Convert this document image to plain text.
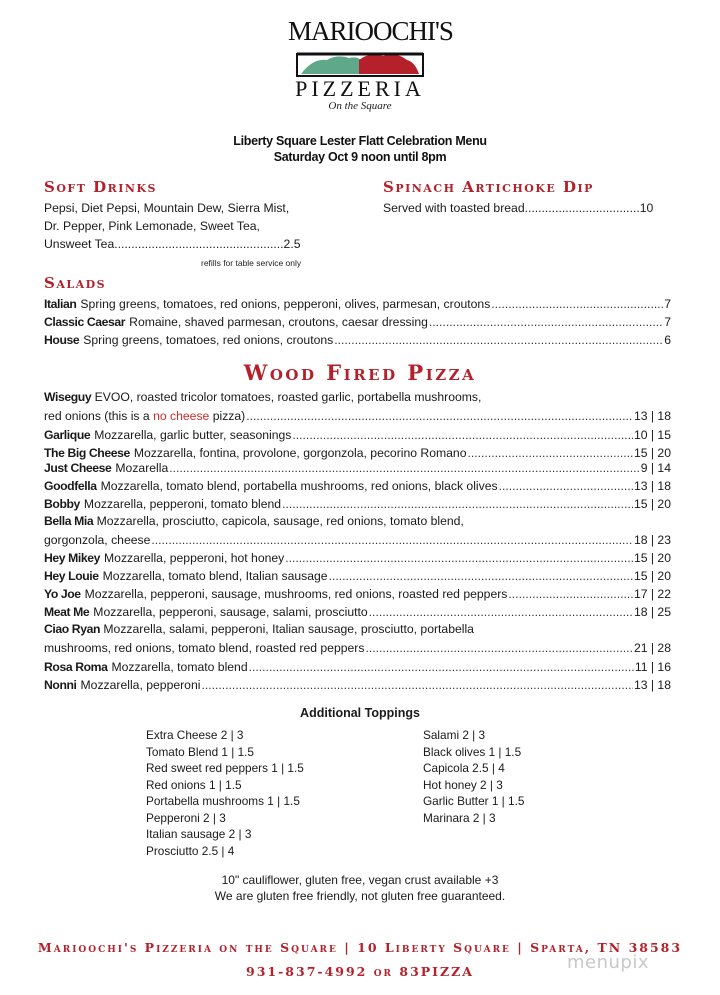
MARIOOCHI'S
PIZZERIA
On the Square
Liberty Square Lester Flatt Celebration Menu
Saturday Oct 9 noon until 8pm
Soft Drinks
Pepsi, Diet Pepsi, Mountain Dew, Sierra Mist,
Dr. Pepper, Pink Lemonade, Sweet Tea,
Unsweet Tea..................................................2.5
refills for table service only
Spinach Artichoke Dip
Served with toasted bread..................................10
Salads
Italian Spring greens, tomatoes, red onions, pepperoni, olives, parmesan, croutons .....	7
Classic Caesar Romaine, shaved parmesan, croutons, caesar dressing .....	7
House Spring greens, tomatoes, red onions, croutons .....	6
Wood Fired Pizza
Wiseguy EVOO, roasted tricolor tomatoes, roasted garlic, portabella mushrooms,
red onions (this is a no cheese pizza) .....	13 | 18
Garlique Mozzarella, garlic butter, seasonings .....	10 | 15
The Big Cheese Mozzarella, fontina, provolone, gorgonzola, pecorino Romano .....	15 | 20
Just Cheese Mozarella .....	9 | 14
Goodfella Mozzarella, tomato blend, portabella mushrooms, red onions, black olives .....	13 | 18
Bobby Mozzarella, pepperoni, tomato blend .....	15 | 20
Bella Mia Mozzarella, prosciutto, capicola, sausage, red onions, tomato blend,
gorgonzola, cheese .....	18 | 23
Hey Mikey Mozzarella, pepperoni, hot honey .....	15 | 20
Hey Louie Mozzarella, tomato blend, Italian sausage .....	15 | 20
Yo Joe Mozzarella, pepperoni, sausage, mushrooms, red onions, roasted red peppers .....	17 | 22
Meat Me Mozzarella, pepperoni, sausage, salami, prosciutto .....	18 | 25
Ciao Ryan Mozzarella, salami, pepperoni, Italian sausage, prosciutto, portabella
mushrooms, red onions, tomato blend, roasted red peppers .....	21 | 28
Rosa Roma Mozzarella, tomato blend .....	11 | 16
Nonni Mozzarella, pepperoni .....	13 | 18
Additional Toppings
Extra Cheese 2 | 3
Tomato Blend 1 | 1.5
Red sweet red peppers 1 | 1.5
Red onions 1 | 1.5
Portabella mushrooms 1 | 1.5
Pepperoni 2 | 3
Italian sausage 2 | 3
Prosciutto 2.5 | 4
Salami 2 | 3
Black olives 1 | 1.5
Capicola 2.5 | 4
Hot honey 2 | 3
Garlic Butter 1 | 1.5
Marinara 2 | 3
10" cauliflower, gluten free, vegan crust available +3
We are gluten free friendly, not gluten free guaranteed.
Marioochi's Pizzeria on the Square | 10 Liberty Square | Sparta, TN 38583
931-837-4992 or 83PIZZA	menupix
